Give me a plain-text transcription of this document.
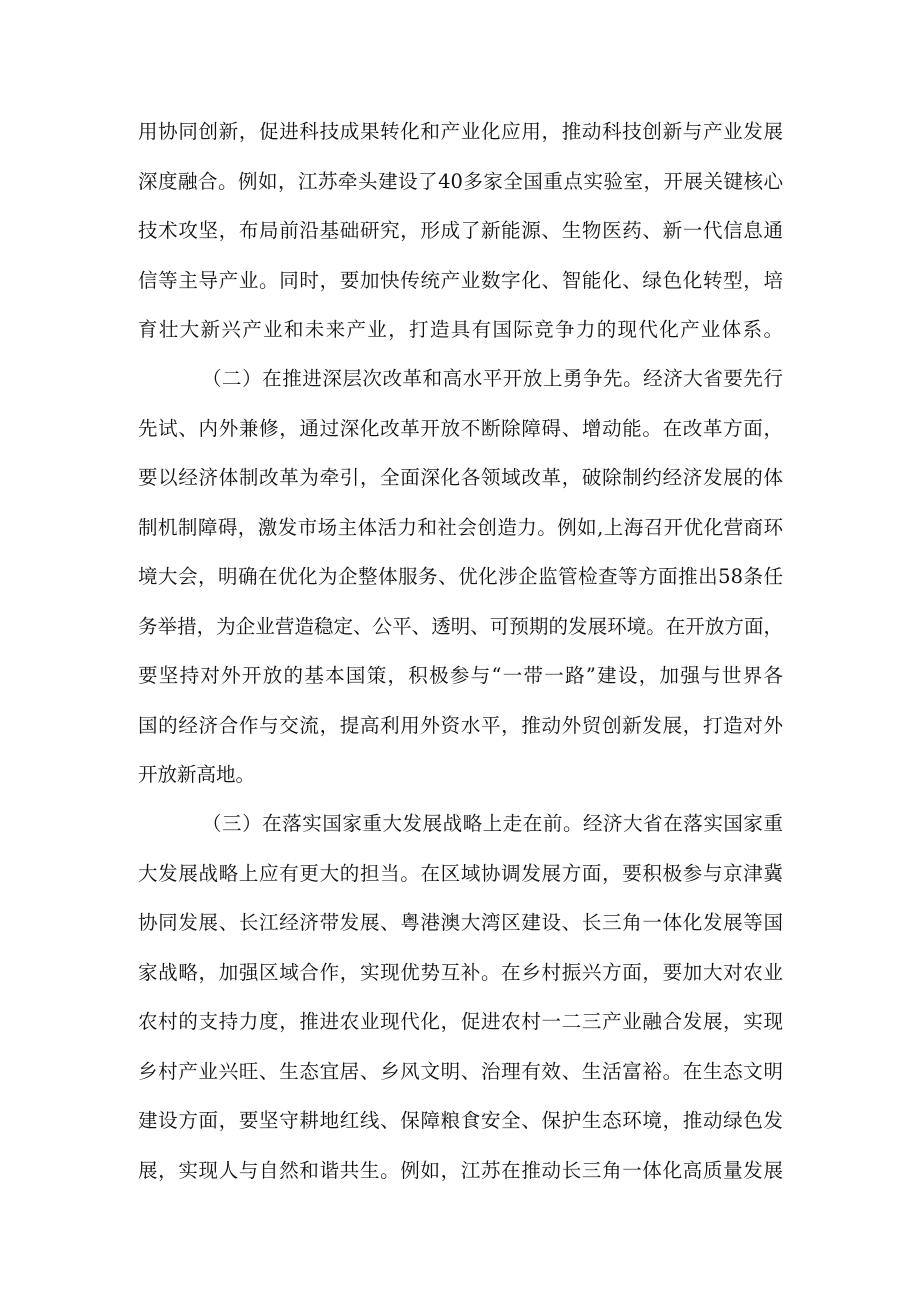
用协同创新，促进科技成果转化和产业化应用，推动科技创新与产业发展
深度融合。例如，江苏牵头建设了40多家全国重点实验室，开展关键核心
技术攻坚，布局前沿基础研究，形成了新能源、生物医药、新一代信息通
信等主导产业。同时，要加快传统产业数字化、智能化、绿色化转型，培
育壮大新兴产业和未来产业，打造具有国际竞争力的现代化产业体系。
（二）在推进深层次改革和高水平开放上勇争先。经济大省要先行
先试、内外兼修，通过深化改革开放不断除障碍、增动能。在改革方面，
要以经济体制改革为牵引，全面深化各领域改革，破除制约经济发展的体
制机制障碍，激发市场主体活力和社会创造力。例如,上海召开优化营商环
境大会，明确在优化为企整体服务、优化涉企监管检查等方面推出58条任
务举措，为企业营造稳定、公平、透明、可预期的发展环境。在开放方面，
要坚持对外开放的基本国策，积极参与“一带一路”建设，加强与世界各
国的经济合作与交流，提高利用外资水平，推动外贸创新发展，打造对外
开放新高地。
（三）在落实国家重大发展战略上走在前。经济大省在落实国家重
大发展战略上应有更大的担当。在区域协调发展方面，要积极参与京津冀
协同发展、长江经济带发展、粤港澳大湾区建设、长三角一体化发展等国
家战略，加强区域合作，实现优势互补。在乡村振兴方面，要加大对农业
农村的支持力度，推进农业现代化，促进农村一二三产业融合发展，实现
乡村产业兴旺、生态宜居、乡风文明、治理有效、生活富裕。在生态文明
建设方面，要坚守耕地红线、保障粮食安全、保护生态环境，推动绿色发
展，实现人与自然和谐共生。例如，江苏在推动长三角一体化高质量发展
